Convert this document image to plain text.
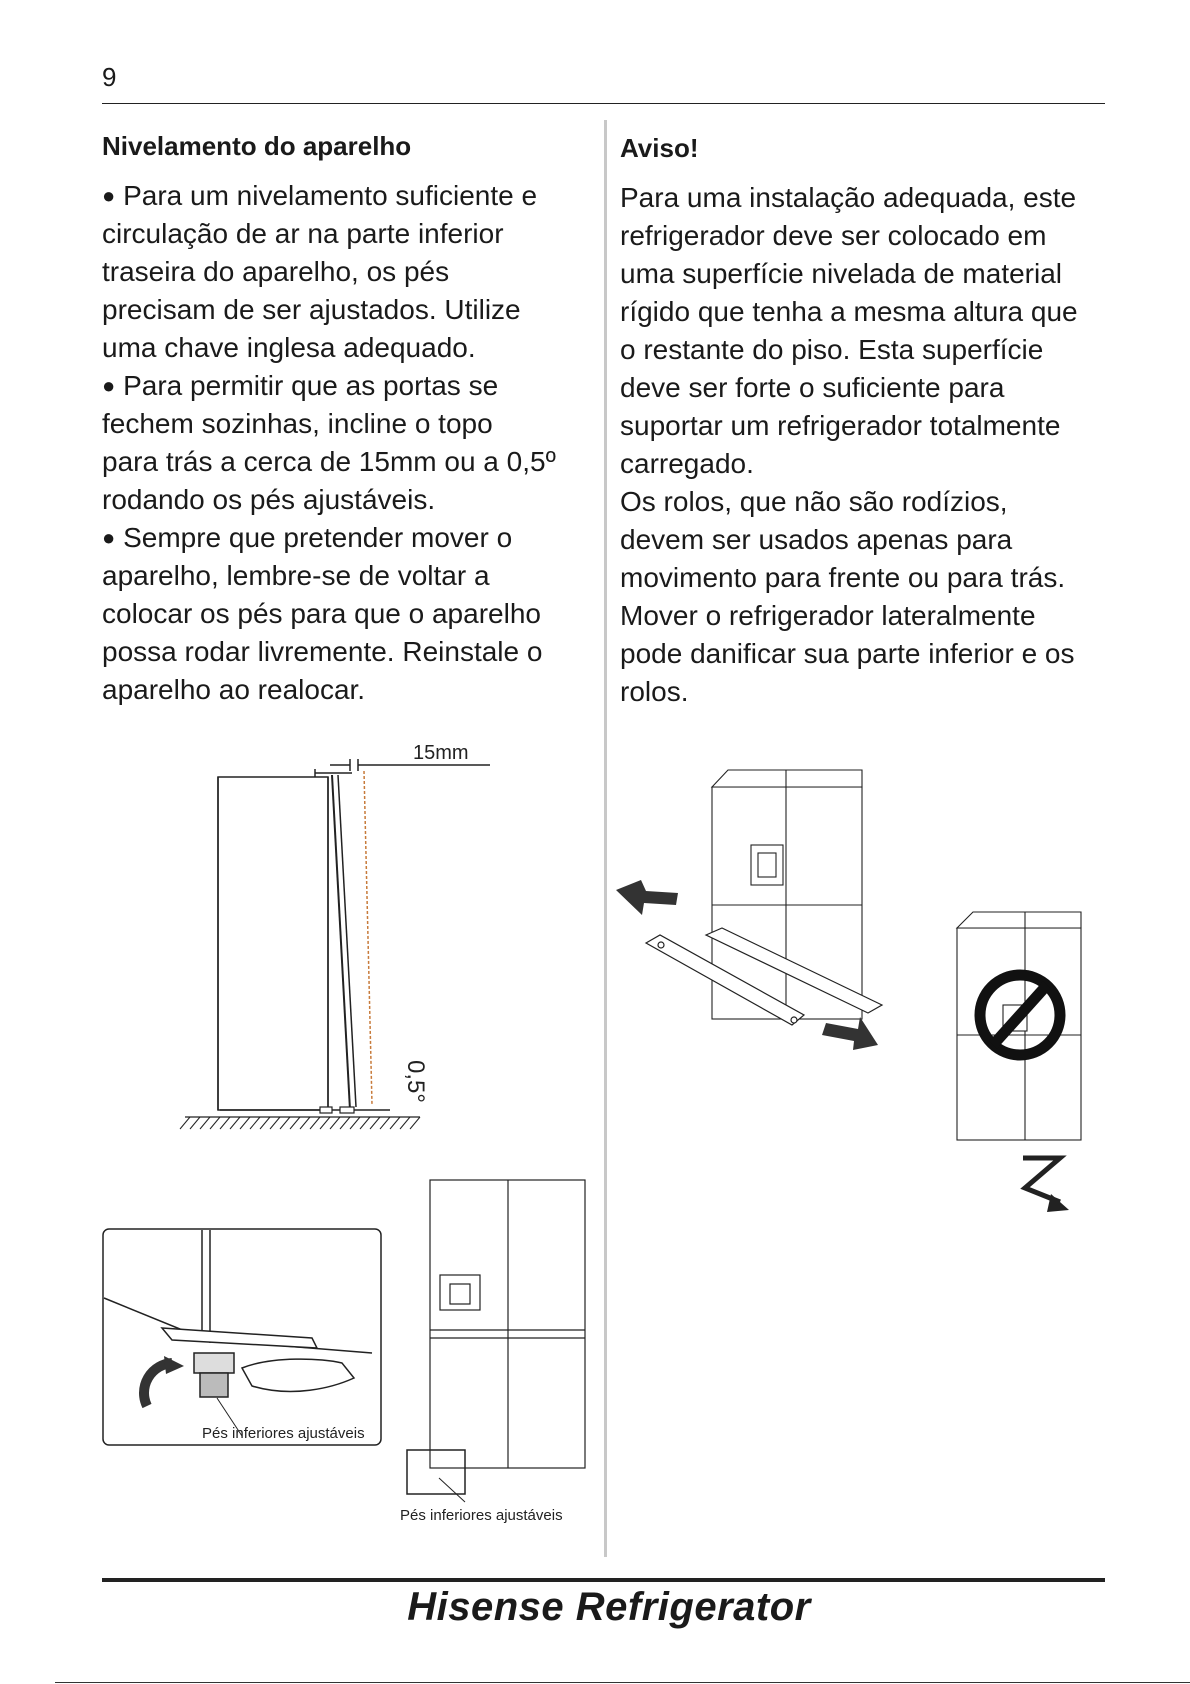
9
Nivelamento do aparelho

● Para um nivelamento suficiente e
circulação de ar na parte inferior
traseira do aparelho, os pés
precisam de ser ajustados. Utilize
uma chave inglesa adequado.

● Para permitir que as portas se
fechem sozinhas, incline o topo
para trás a cerca de 15mm ou a 0,5º
rodando os pés ajustáveis.

● Sempre que pretender mover o
aparelho, lembre-se de voltar a
colocar os pés para que o aparelho
possa rodar livremente. Reinstale o
aparelho ao realocar.

Aviso!

Para uma instalação adequada, este
refrigerador deve ser colocado em
uma superfície nivelada de material
rígido que tenha a mesma altura que
o restante do piso. Esta superfície
deve ser forte o suficiente para
suportar um refrigerador totalmente
carregado.

Os rolos, que não são rodízios,
devem ser usados apenas para
movimento para frente ou para trás.
Mover o refrigerador lateralmente
pode danificar sua parte inferior e os
rolos.

15mm
0,5°
Pés inferiores ajustáveis
Pés inferiores ajustáveis
Hisense Refrigerator
